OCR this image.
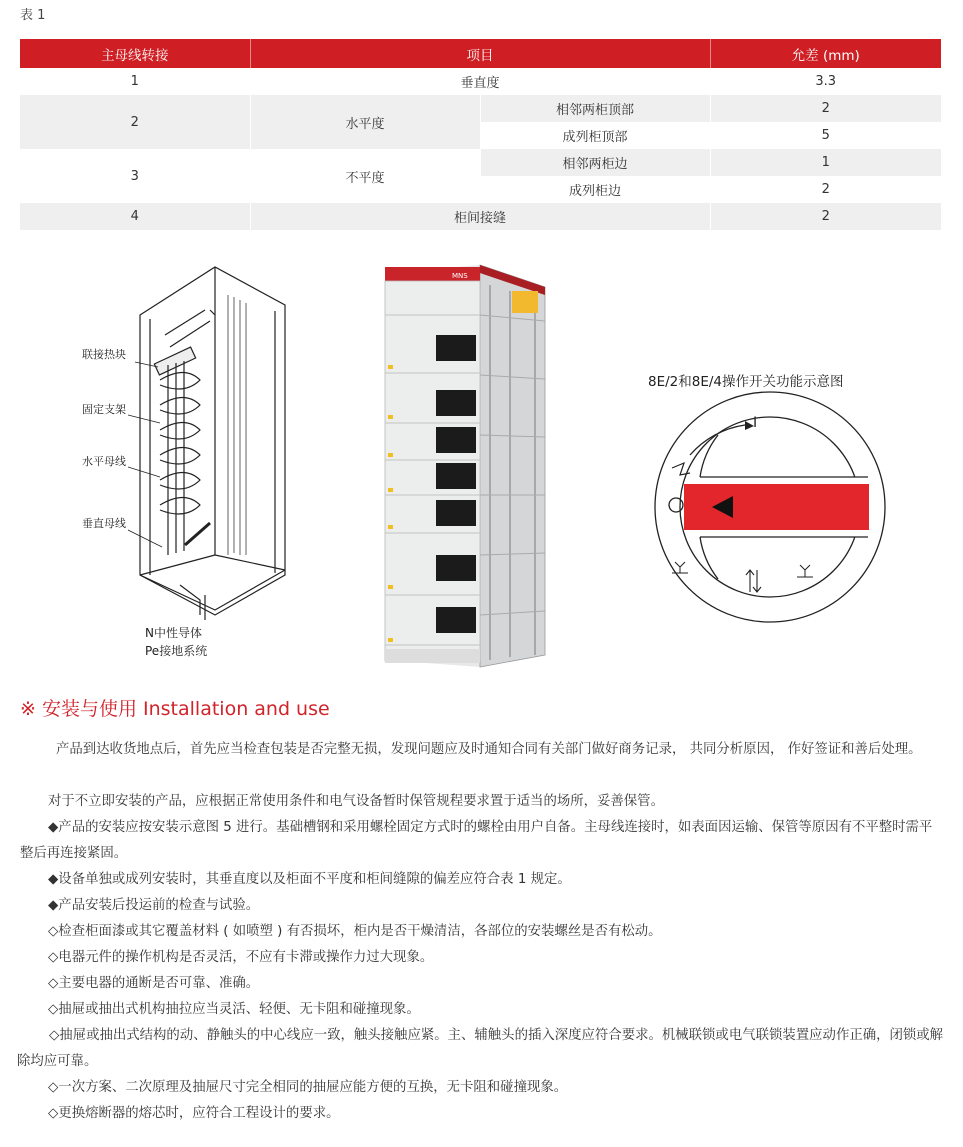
表 1
主母线转接	项目		允差 (mm)
1	垂直度		3.3
2	水平度	相邻两柜顶部	2
		成列柜顶部	5
3	不平度	相邻两柜边	1
		成列柜边	2
4	柜间接缝		2
联接热块
固定支架
水平母线
垂直母线
N中性导体
Pe接地系统
MNS
8E/2和8E/4操作开关功能示意图
I
O
※ 安装与使用 Installation and use

产品到达收货地点后，首先应当检查包装是否完整无损，发现问题应及时通知合同有关部门做好商务记录， 共同分析原因， 作好签证和善后处理。

对于不立即安装的产品，应根据正常使用条件和电气设备暂时保管规程要求置于适当的场所，妥善保管。

◆产品的安装应按安装示意图 5 进行。基础槽钢和采用螺栓固定方式时的螺栓由用户自备。主母线连接时，如表面因运输、保管等原因有不平整时需平整后再连接紧固。

◆设备单独或成列安装时，其垂直度以及柜面不平度和柜间缝隙的偏差应符合表 1 规定。

◆产品安装后投运前的检查与试验。

◇检查柜面漆或其它覆盖材料 ( 如喷塑 ) 有否损坏，柜内是否干燥清洁，各部位的安装螺丝是否有松动。

◇电器元件的操作机构是否灵活，不应有卡滞或操作力过大现象。

◇主要电器的通断是否可靠、准确。

◇抽屉或抽出式机构抽拉应当灵活、轻便、无卡阻和碰撞现象。

◇抽屉或抽出式结构的动、静触头的中心线应一致，触头接触应紧。主、辅触头的插入深度应符合要求。机械联锁或电气联锁装置应动作正确，闭锁或解除均应可靠。

◇一次方案、二次原理及抽屉尺寸完全相同的抽屉应能方便的互换，无卡阻和碰撞现象。

◇更换熔断器的熔芯时，应符合工程设计的要求。
